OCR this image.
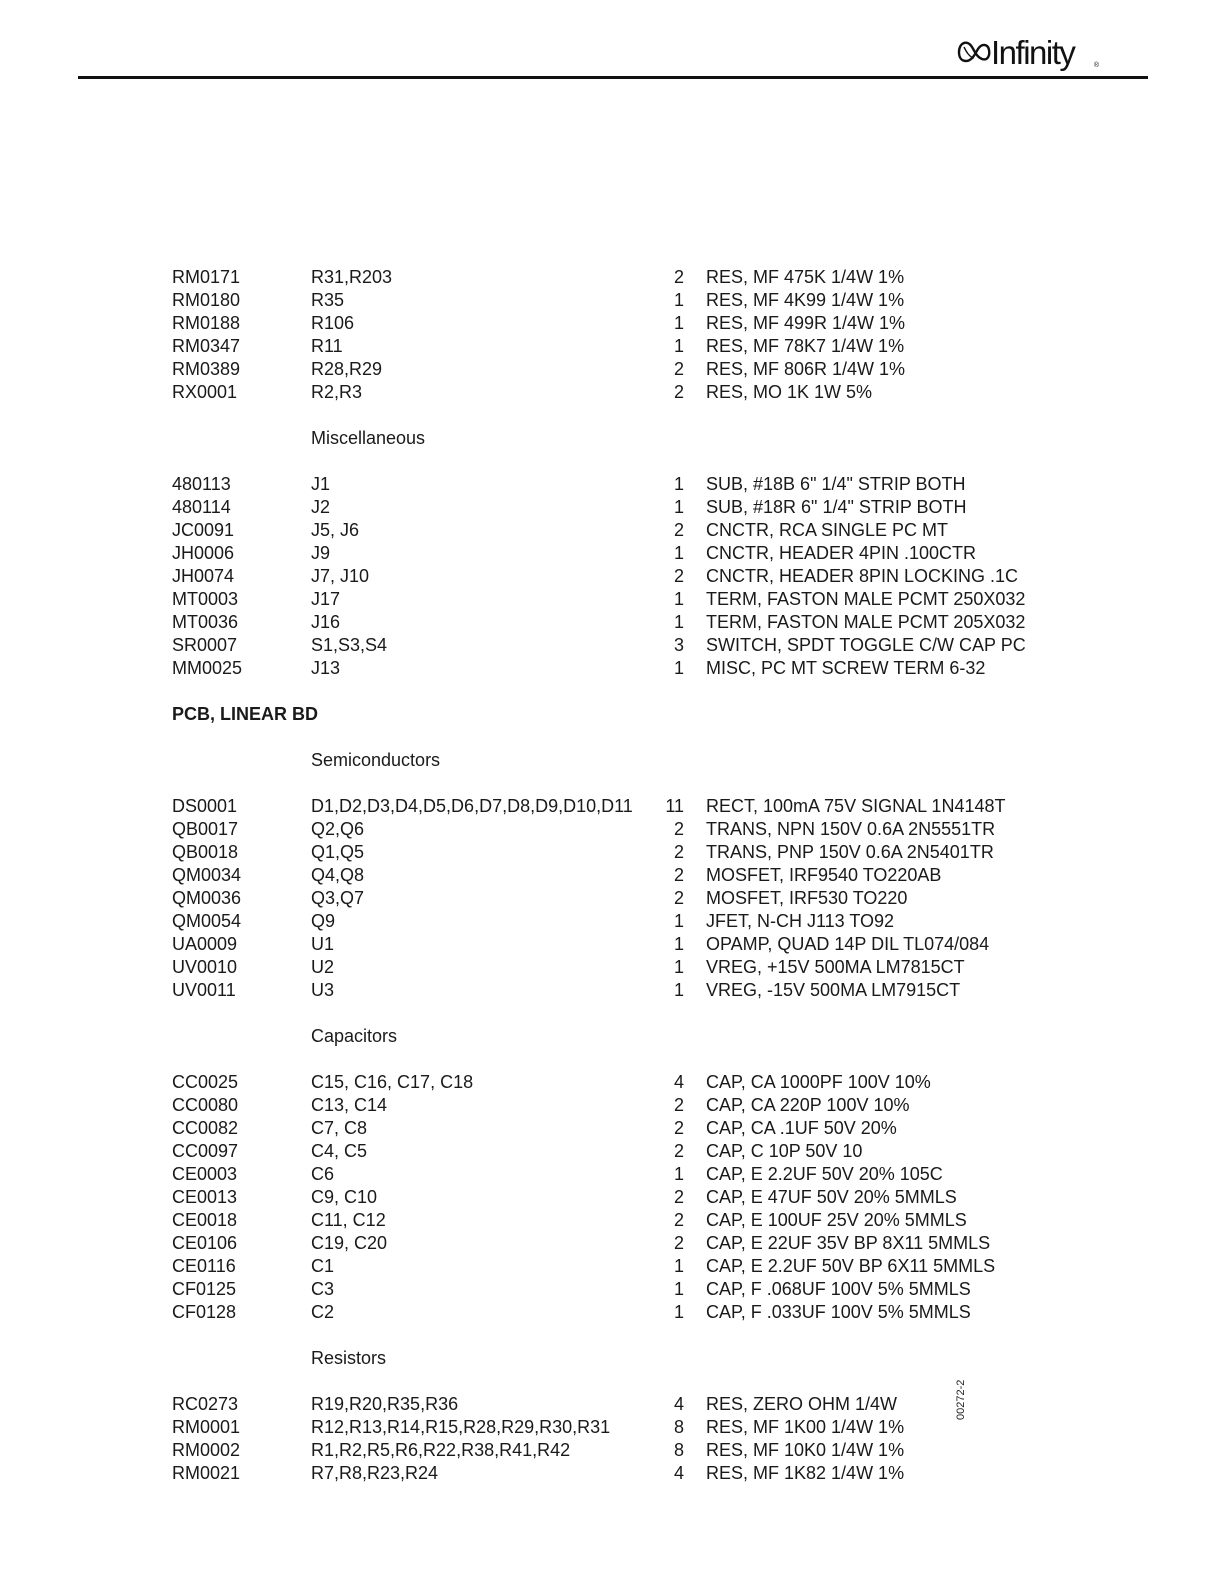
Infinity	®
RM0171	R31,R203	2 RES, MF 475K 1/4W 1%
RM0180	R35	1 RES, MF 4K99 1/4W 1%
RM0188	R106	1 RES, MF 499R 1/4W 1%
RM0347	R11	1 RES, MF 78K7 1/4W 1%
RM0389	R28,R29	2 RES, MF 806R 1/4W 1%
RX0001	R2,R3	2 RES, MO 1K 1W 5%
Miscellaneous
480113	J1	1 SUB, #18B 6" 1/4" STRIP BOTH
480114	J2	1 SUB, #18R 6" 1/4" STRIP BOTH
JC0091	J5, J6	2 CNCTR, RCA SINGLE PC MT
JH0006	J9	1 CNCTR, HEADER 4PIN .100CTR
JH0074	J7, J10	2 CNCTR, HEADER 8PIN LOCKING .1C
MT0003	J17	1 TERM, FASTON MALE PCMT 250X032
MT0036	J16	1 TERM, FASTON MALE PCMT 205X032
SR0007	S1,S3,S4	3 SWITCH, SPDT TOGGLE C/W CAP PC
MM0025	J13	1 MISC, PC MT SCREW TERM 6-32
PCB, LINEAR BD
Semiconductors
DS0001	D1,D2,D3,D4,D5,D6,D7,D8,D9,D10,D11 11 RECT, 100mA 75V SIGNAL 1N4148T
QB0017	Q2,Q6	2 TRANS, NPN 150V 0.6A 2N5551TR
QB0018	Q1,Q5	2 TRANS, PNP 150V 0.6A 2N5401TR
QM0034	Q4,Q8	2 MOSFET, IRF9540 TO220AB
QM0036	Q3,Q7	2 MOSFET, IRF530 TO220
QM0054	Q9	1 JFET, N-CH J113 TO92
UA0009	U1	1 OPAMP, QUAD 14P DIL TL074/084
UV0010	U2	1 VREG, +15V 500MA LM7815CT
UV0011	U3	1 VREG, -15V 500MA LM7915CT
Capacitors
CC0025	C15, C16, C17, C18	4 CAP, CA 1000PF 100V 10%
CC0080	C13, C14	2 CAP, CA 220P 100V 10%
CC0082	C7, C8	2 CAP, CA .1UF 50V 20%
CC0097	C4, C5	2 CAP, C 10P 50V 10
CE0003	C6	1 CAP, E 2.2UF 50V 20% 105C
CE0013	C9, C10	2 CAP, E 47UF 50V 20% 5MMLS
CE0018	C11, C12	2 CAP, E 100UF 25V 20% 5MMLS
CE0106	C19, C20	2 CAP, E 22UF 35V BP 8X11 5MMLS
CE0116	C1	1 CAP, E 2.2UF 50V BP 6X11 5MMLS
CF0125	C3	1 CAP, F .068UF 100V 5% 5MMLS
CF0128	C2	1 CAP, F .033UF 100V 5% 5MMLS
Resistors
RC0273	R19,R20,R35,R36	4 RES, ZERO OHM 1/4W
RM0001	R12,R13,R14,R15,R28,R29,R30,R31	8 RES, MF 1K00 1/4W 1%
RM0002	R1,R2,R5,R6,R22,R38,R41,R42	8 RES, MF 10K0 1/4W 1%
RM0021	R7,R8,R23,R24	4 RES, MF 1K82 1/4W 1%
00272-2
